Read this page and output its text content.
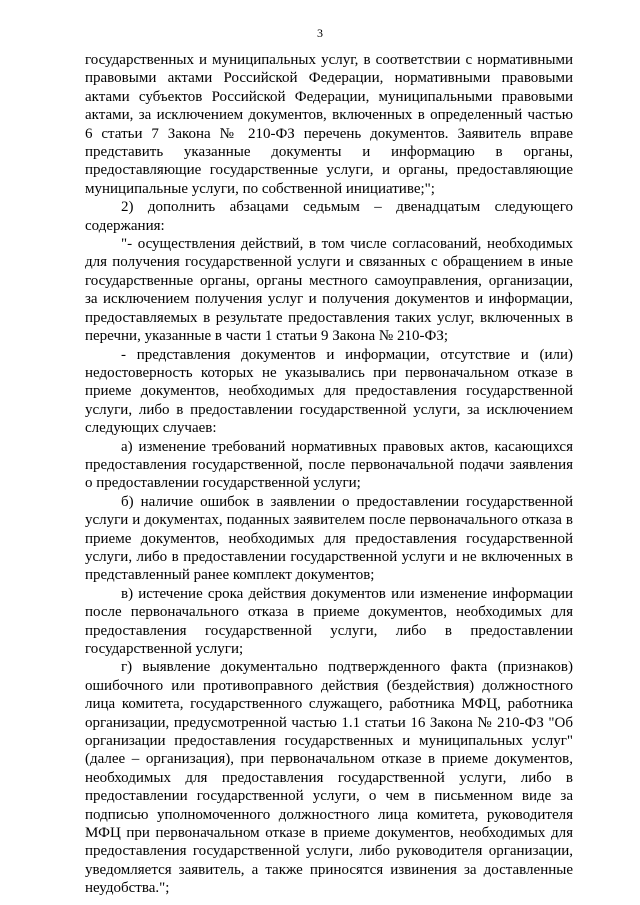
3

государственных и муниципальных услуг, в соответствии с нормативными правовыми актами Российской Федерации, нормативными правовыми актами субъектов Российской Федерации, муниципальными правовыми актами, за исключением документов, включенных в определенный частью 6 статьи 7 Закона № 210-ФЗ перечень документов. Заявитель вправе представить указанные документы и информацию в органы, предоставляющие государственные услуги, и органы, предоставляющие муниципальные услуги, по собственной инициативе;";

2) дополнить абзацами седьмым – двенадцатым следующего содержания:

"- осуществления действий, в том числе согласований, необходимых для получения государственной услуги и связанных с обращением в иные государственные органы, органы местного самоуправления, организации, за исключением получения услуг и получения документов и информации, предоставляемых в результате предоставления таких услуг, включенных в перечни, указанные в части 1 статьи 9 Закона № 210-ФЗ;

- представления документов и информации, отсутствие и (или) недостоверность которых не указывались при первоначальном отказе в приеме документов, необходимых для предоставления государственной услуги, либо в предоставлении государственной услуги, за исключением следующих случаев:

а) изменение требований нормативных правовых актов, касающихся предоставления государственной, после первоначальной подачи заявления о предоставлении государственной услуги;

б) наличие ошибок в заявлении о предоставлении государственной услуги и документах, поданных заявителем после первоначального отказа в приеме документов, необходимых для предоставления государственной услуги, либо в предоставлении государственной услуги и не включенных в представленный ранее комплект документов;

в) истечение срока действия документов или изменение информации после первоначального отказа в приеме документов, необходимых для предоставления государственной услуги, либо в предоставлении государственной услуги;

г) выявление документально подтвержденного факта (признаков) ошибочного или противоправного действия (бездействия) должностного лица комитета, государственного служащего, работника МФЦ, работника организации, предусмотренной частью 1.1 статьи 16 Закона № 210-ФЗ "Об организации предоставления государственных и муниципальных услуг" (далее – организация), при первоначальном отказе в приеме документов, необходимых для предоставления государственной услуги, либо в предоставлении государственной услуги, о чем в письменном виде за подписью уполномоченного должностного лица комитета, руководителя МФЦ при первоначальном отказе в приеме документов, необходимых для предоставления государственной услуги, либо руководителя организации, уведомляется заявитель, а также приносятся извинения за доставленные неудобства.";
